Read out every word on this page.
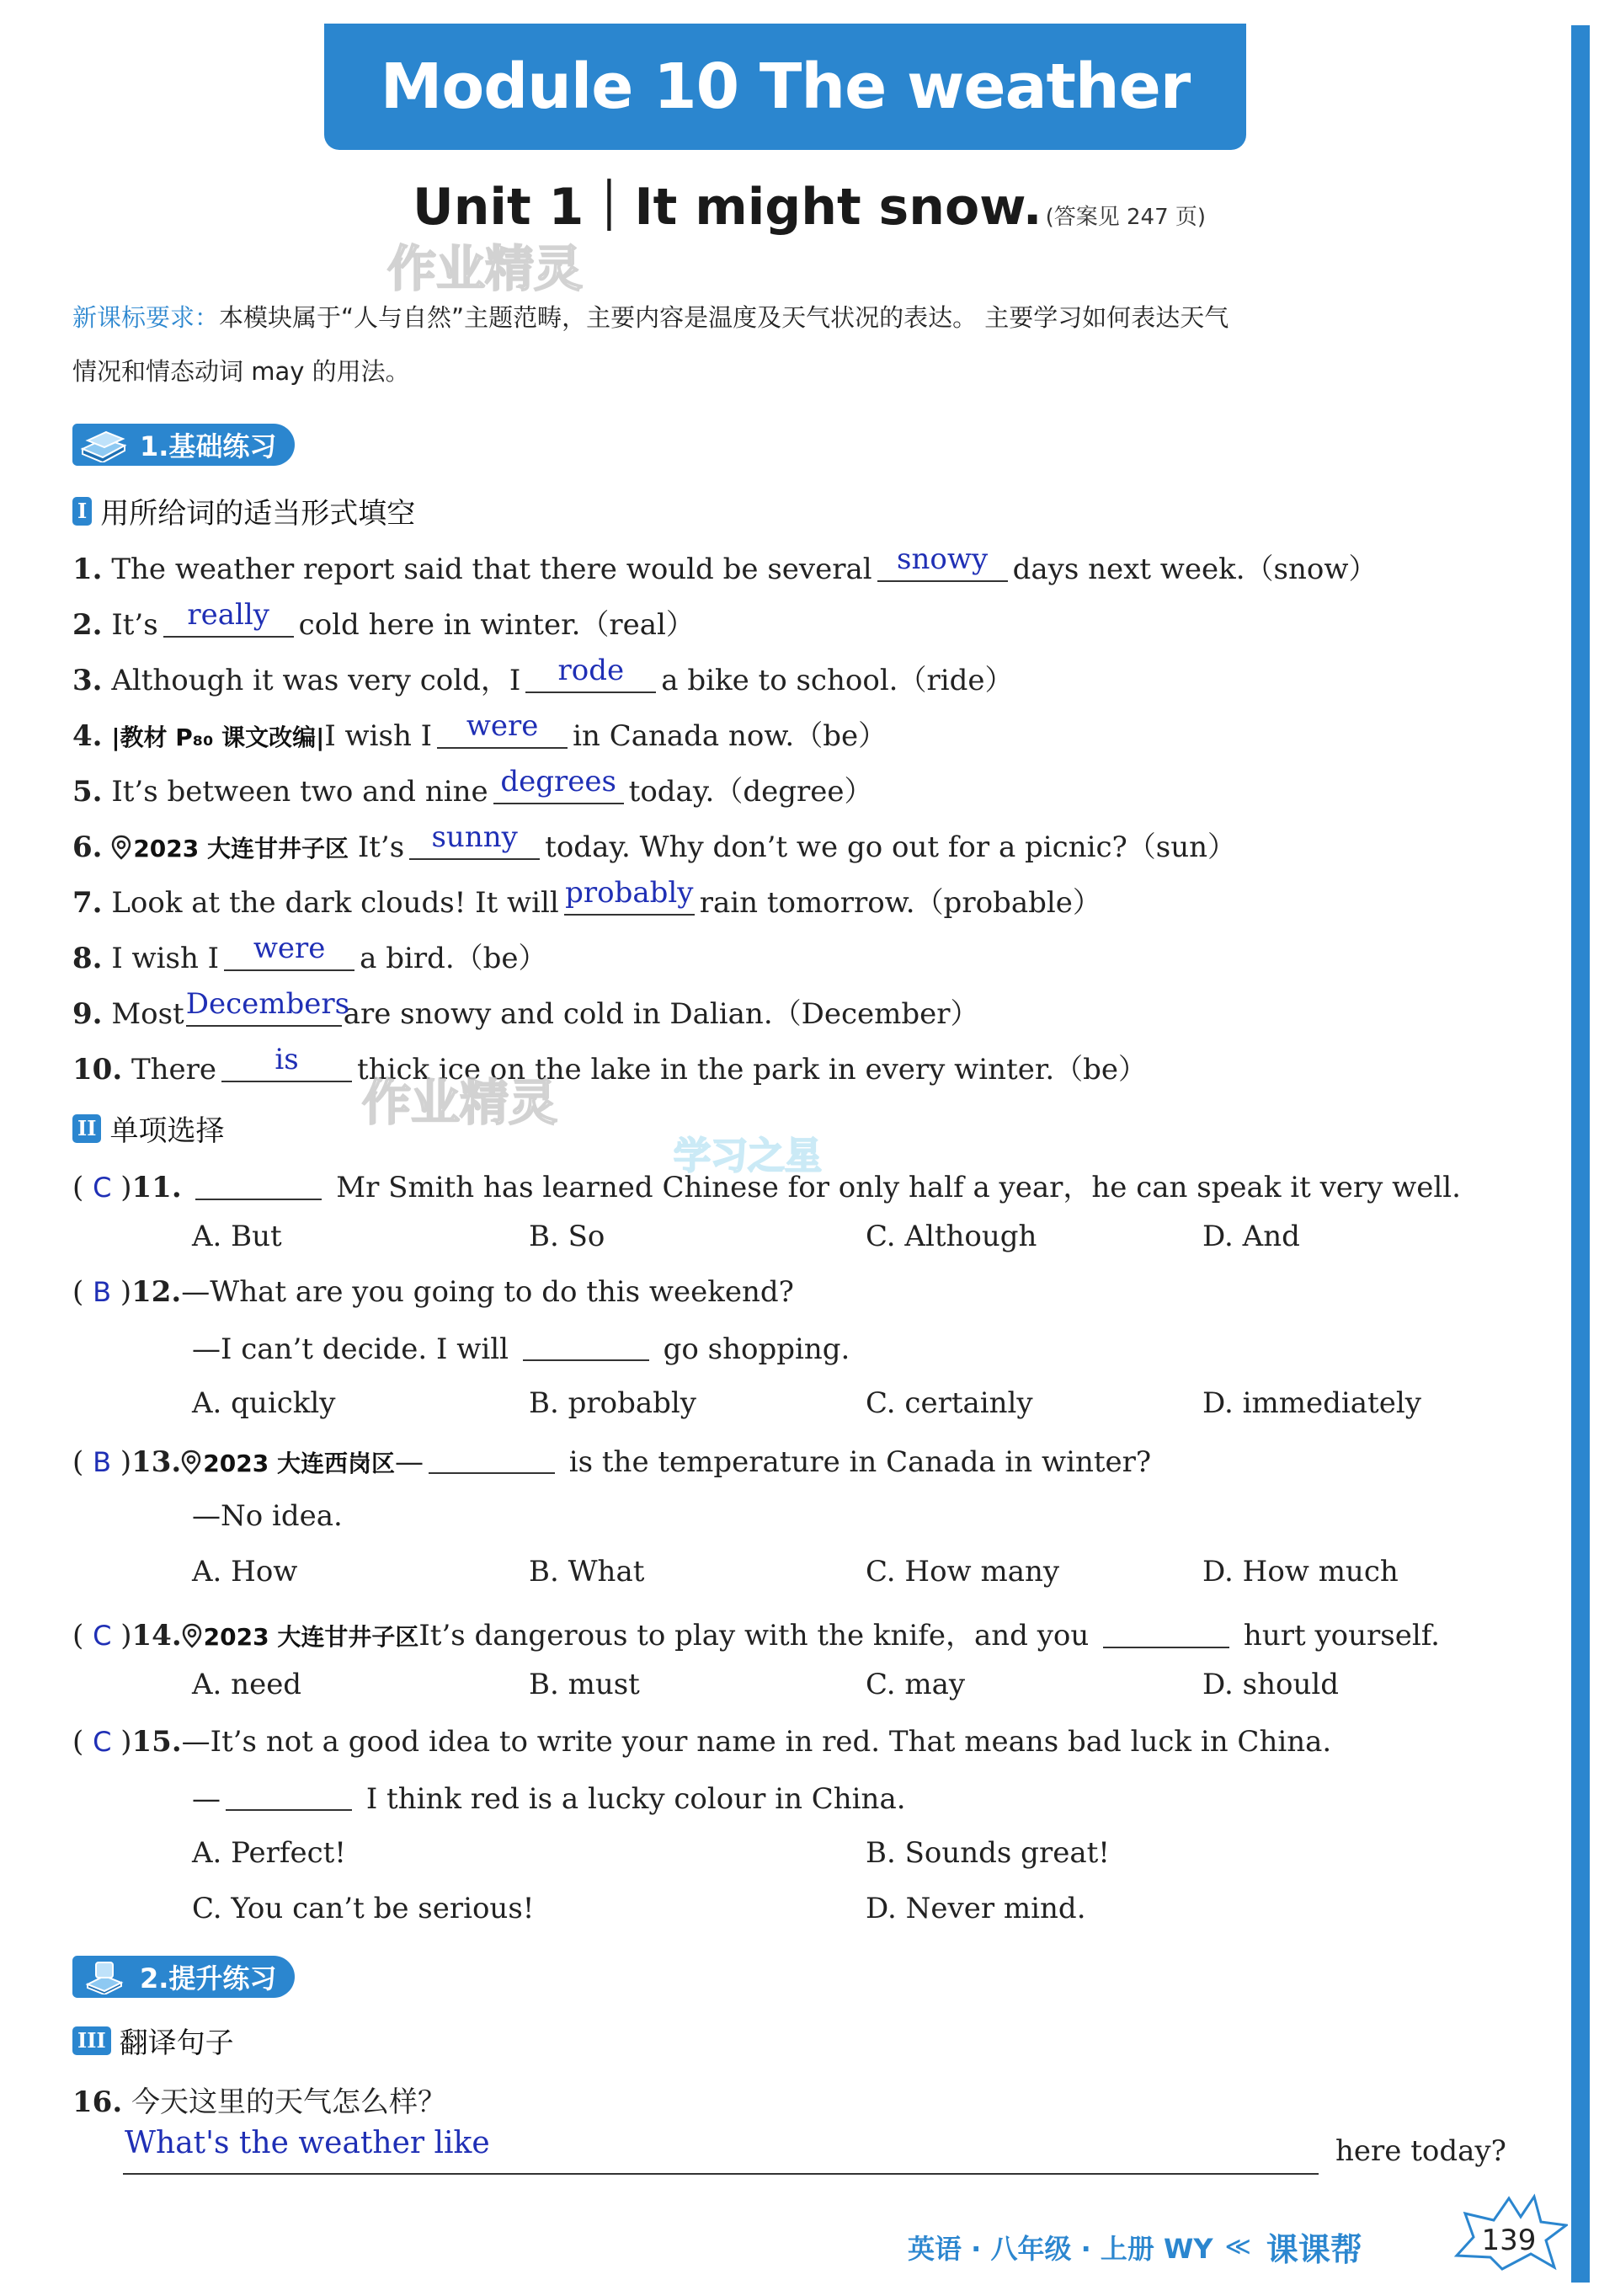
Module 10 The weather
Unit 1｜It might snow. (答案见 247 页)
作业精灵
新课标要求：本模块属于“人与自然”主题范畴，主要内容是温度及天气状况的表达。 主要学习如何表达天气
情况和情态动词 may 的用法。
1.基础练习
I 用所给词的适当形式填空
1. The weather report said that there would be several snowy days next week.（snow）
2. It’s really cold here in winter.（real）
3. Although it was very cold，I rode a bike to school.（ride）
4. |教材 P₈₀ 课文改编|I wish I were in Canada now.（be）
5. It’s between two and nine degrees today.（degree）
6. 2023 大连甘井子区 It’s sunny today. Why don’t we go out for a picnic?（sun）
7. Look at the dark clouds! It will probably rain tomorrow.（probable）
8. I wish I were a bird.（be）
9. MostDecembersare snowy and cold in Dalian.（December）
10. There is thick ice on the lake in the park in every winter.（be）
作业精灵
学习之星
II 单项选择
( C )11.	Mr Smith has learned Chinese for only half a year，he can speak it very well.
A. But	B. So	C. Although	D. And
( B )12.—What are you going to do this weekend?
—I can’t decide. I will	go shopping.
A. quickly	B. probably	C. certainly	D. immediately
( B )13. 2023 大连西岗区—	is the temperature in Canada in winter?
—No idea.
A. How	B. What	C. How many	D. How much
( C )14. 2023 大连甘井子区It’s dangerous to play with the knife，and you	hurt yourself.
A. need	B. must	C. may	D. should
( C )15.—It’s not a good idea to write your name in red. That means bad luck in China.
—	I think red is a lucky colour in China.
A. Perfect!	B. Sounds great!
C. You can’t be serious!	D. Never mind.
2.提升练习
III 翻译句子
16. 今天这里的天气怎么样？
What's the weather like	here today?
英语 · 八年级 · 上册 WY ≪ 课课帮	139
